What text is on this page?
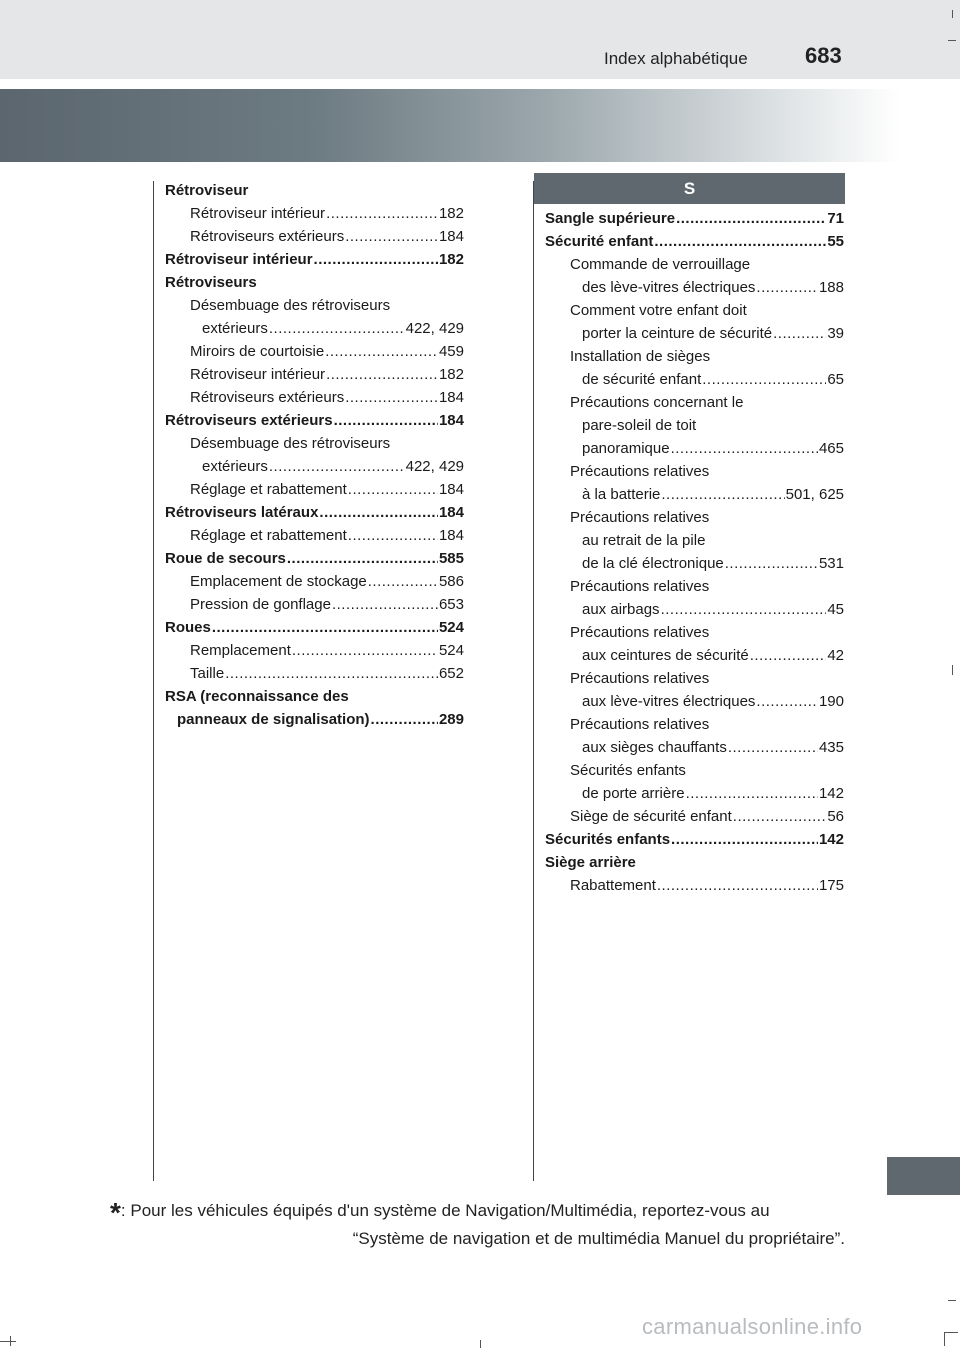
Index alphabétique	683
S
Rétroviseur
Rétroviseur intérieur .....	182
Rétroviseurs extérieurs .....	184
Rétroviseur intérieur .....	182
Rétroviseurs
Désembuage des rétroviseurs
extérieurs .....	422, 429
Miroirs de courtoisie .....	459
Rétroviseur intérieur .....	182
Rétroviseurs extérieurs .....	184
Rétroviseurs extérieurs .....	184
Désembuage des rétroviseurs
extérieurs .....	422, 429
Réglage et rabattement .....	184
Rétroviseurs latéraux .....	184
Réglage et rabattement .....	184
Roue de secours .....	585
Emplacement de stockage .....	586
Pression de gonflage .....	653
Roues .....	524
Remplacement .....	524
Taille .....	652
RSA (reconnaissance des
panneaux de signalisation) .....	289
Sangle supérieure .....	71
Sécurité enfant .....	55
Commande de verrouillage
des lève-vitres électriques .....	188
Comment votre enfant doit
porter la ceinture de sécurité .....	39
Installation de sièges
de sécurité enfant .....	65
Précautions concernant le
pare-soleil de toit
panoramique .....	465
Précautions relatives
à la batterie .....	501, 625
Précautions relatives
au retrait de la pile
de la clé électronique .....	531
Précautions relatives
aux airbags .....	45
Précautions relatives
aux ceintures de sécurité .....	42
Précautions relatives
aux lève-vitres électriques .....	190
Précautions relatives
aux sièges chauffants .....	435
Sécurités enfants
de porte arrière .....	142
Siège de sécurité enfant .....	56
Sécurités enfants .....	142
Siège arrière
Rabattement .....	175
*: Pour les véhicules équipés d'un système de Navigation/Multimédia, reportez-vous au
“Système de navigation et de multimédia Manuel du propriétaire”.
carmanualsonline.info
